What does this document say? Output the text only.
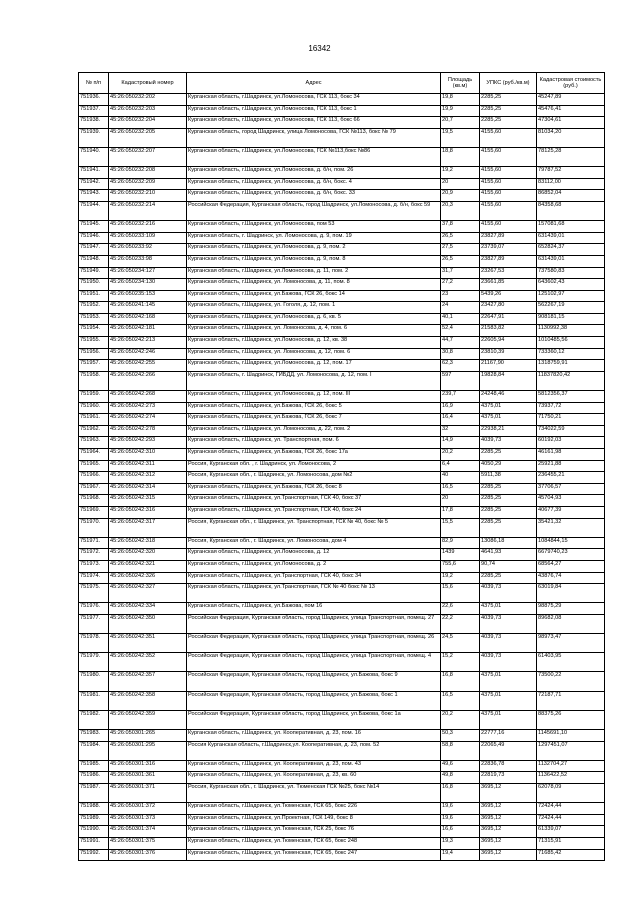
16342
№ п/п	Кадастровый номер	Адрес	Площадь (кв.м)	УПКС (руб./кв.м)	Кадастровая стоимость (руб.)
751936.	45:26:050232:202	Курганская область, г.Шадринск, ул.Ломоносова, ГСК 113, бокс 34	19,8	2285,25	45247,89
751937.	45:26:050232:203	Курганская область, г.Шадринск, ул.Ломоносова, ГСК 113, бокс 1	19,9	2285,25	45476,41
751938.	45:26:050232:204	Курганская область, г.Шадринск, ул.Ломоносова, ГСК 113, бокс 66	20,7	2285,25	47304,61
751939.	45:26:050232:205	Курганская область, город Шадринск, улица Ломоносова, ГСК №113, бокс № 79	19,5	4155,60	81034,20
751940.	45:26:050232:207	Курганская область, г.Шадринск, ул.Ломоносова, ГСК №113,бокс №86	18,8	4155,60	78125,28
751941.	45:26:050232:208	Курганская область, г.Шадринск, ул.Ломоносова, д. б/н, пом. 26	19,2	4155,60	79787,52
751942.	45:26:050232:209	Курганская область, г.Шадринск, ул.Ломоносова, д. б/н, бокс. 4	20	4155,60	83112,00
751943.	45:26:050232:210	Курганская область, г.Шадринск, ул.Ломоносова, д. б/н, бокс. 33	20,9	4155,60	86852,04
751944.	45:26:050232:214	Российская Федерация, Курганская область, город Шадринск, ул.Ломоносова, д. б/н, бокс 59	20,3	4155,60	84358,68
751945.	45:26:050232:216	Курганская область, г.Шадринск, ул.Ломоносова, пом 53	37,8	4155,60	157081,68
751946.	45:26:050233:109	Курганская область, г. Шадринск, ул. Ломоносова, д. 9, пом. 19	26,5	23827,89	631439,01
751947.	45:26:050233:92	Курганская область, г.Шадринск, ул.Ломоносова, д. 9, пом. 2	27,5	23739,07	652824,37
751948.	45:26:050233:98	Курганская область, г.Шадринск, ул.Ломоносова, д. 9, пом. 8	26,5	23827,89	631439,01
751949.	45:26:050234:127	Курганская область, г.Шадринск, ул.Ломоносова, д. 11, пом. 2	31,7	23267,53	737580,83
751950.	45:26:050234:130	Курганская область, г.Шадринск, ул. Ломоносова, д. 11, пом. 8	27,2	23661,85	643602,43
751951.	45:26:050235:153	Курганская область, г.Шадринск, ул.Бажова, ГСК 26, бокс 14	23	5439,26	125102,97
751952.	45:26:050241:145	Курганская область, г.Шадринск, ул. Гоголя, д. 12, пом. 1	24	23427,80	562267,19
751953.	45:26:050242:168	Курганская область, г.Шадринск, ул.Ломоносова, д. 6, кв. 5	40,1	22647,91	908181,15
751954.	45:26:050242:181	Курганская область, г.Шадринск, ул. Ломоносова, д. 4, пом. 6	52,4	21583,82	1130992,38
751955.	45:26:050242:213	Курганская область, г.Шадринск, ул.Ломоносова, д. 12, кв. 38	44,7	22605,94	1010485,56
751956.	45:26:050242:246	Курганская область, г.Шадринск, ул. Ломоносова, д. 12, пом. 6	30,8	23810,39	733360,12
751957.	45:26:050242:255	Курганская область, г.Шадринск, ул.Ломоносова, д. 12, пом. 17	62,3	21167,90	1318759,91
751958.	45:26:050242:266	Курганская область, г. Шадринск, ГИБДД, ул. Ломоносова, д. 12, пом. I	597	19828,84	11837820,42
751959.	45:26:050242:268	Курганская область, г.Шадринск, ул.Ломоносова, д. 12, пом. III	239,7	24248,46	5812356,37
751960.	45:26:050242:273	Курганская область, г.Шадринск, ул.Бажова, ГСК 26, бокс 5	16,9	4375,01	73937,72
751961.	45:26:050242:274	Курганская область, г.Шадринск, ул.Бажова, ГСК 26, бокс 7	16,4	4375,01	71750,21
751962.	45:26:050242:278	Курганская область, г.Шадринск, ул. Ломоносова, д. 22, пом. 2	32	22938,21	734022,59
751963.	45:26:050242:293	Курганская область, г.Шадринск, ул. Транспортная, пом. 6	14,9	4039,73	60192,03
751964.	45:26:050242:310	Курганская область, г.Шадринск, ул.Бажова, ГСК 26, бокс 17а	20,2	2285,25	46161,98
751965.	45:26:050242:311	Россия, Курганская обл. , г. Шадринск, ул. Ломоносова, 2	6,4	4050,29	25921,88
751966.	45:26:050242:312	Россия, Курганская обл., г. Шадринск, ул. Ломоносова, дом №2	40	5911,38	236455,21
751967.	45:26:050242:314	Курганская область, г.Шадринск, ул.Бажова, ГСК 26, бокс 8	16,5	2285,25	37706,57
751968.	45:26:050242:315	Курганская область, г.Шадринск, ул.Транспортная, ГСК 40, бокс 37	20	2285,25	45704,93
751969.	45:26:050242:316	Курганская область, г.Шадринск, ул.Транспортная, ГСК 40, бокс 24	17,8	2285,25	40677,39
751970.	45:26:050242:317	Россия, Курганская обл., г. Шадринск, ул. Транспортная, ГСК № 40, бокс № 5	15,5	2285,25	35421,32
751971.	45:26:050242:318	Россия, Курганская обл., г. Шадринск, ул. Ломоносова, дом 4	82,9	13086,18	1084844,15
751972.	45:26:050242:320	Курганская область, г.Шадринск, ул.Ломоносова, д. 12	1439	4641,93	6679740,23
751973.	45:26:050242:321	Курганская область, г.Шадринск, ул.Ломоносова, д. 2	755,6	90,74	68564,27
751974.	45:26:050242:326	Курганская область, г.Шадринск, ул.Транспортная, ГСК 40, бокс 34	19,2	2285,25	43876,74
751975.	45:26:050242:327	Курганская область, г.Шадринск, ул.Транспортная, ГСК № 40 бокс № 13	15,6	4039,73	63019,84
751976.	45:26:050242:334	Курганская область, г.Шадринск, ул.Бажова, пом 16	22,6	4375,01	98875,29
751977.	45:26:050242:350	Российская Федерация, Курганская область, город Шадринск, улица Транспортная, помещ. 27	22,2	4039,73	89682,08
751978.	45:26:050242:351	Российская Федерация, Курганская область, город Шадринск, улица Транспортная, помещ. 26	24,5	4039,73	98973,47
751979.	45:26:050242:352	Российская Федерация, Курганская область, город Шадринск, улица Транспортная, помещ. 4	15,2	4039,73	61403,95
751980.	45:26:050242:357	Российская Федерация, Курганская область, город Шадринск, ул.Бажова, бокс 9	16,8	4375,01	73500,22
751981.	45:26:050242:358	Российская Федерация, Курганская область, город Шадринск, ул.Бажова, бокс 1	16,5	4375,01	72187,71
751982.	45:26:050242:359	Российская Федерация, Курганская область, город Шадринск, ул.Бажова, бокс 1а	20,2	4375,01	88375,26
751983.	45:26:050301:265	Курганская область, г.Шадринск, ул. Кооперативная, д. 23, пом. 16	50,3	22777,16	1145691,10
751984.	45:26:050301:295	Россия Курганская область, г.Шадринск,ул. Кооперативная, д. 23, пом. 52	58,8	22065,49	1297451,07
751985.	45:26:050301:316	Курганская область, г.Шадринск, ул. Кооперативная, д. 23, пом. 43	49,6	22836,78	1132704,27
751986.	45:26:050301:361	Курганская область, г.Шадринск, ул. Кооперативная, д. 23, кв. 60	49,8	22819,73	1136422,52
751987.	45:26:050301:371	Россия, Курганская обл., г. Шадринск, ул. Тюменская ГСК №25, бокс №14	16,8	3695,12	62078,09
751988.	45:26:050301:372	Курганская область, г.Шадринск, ул.Тюменская, ГСК 65, бокс 226	19,6	3695,12	72424,44
751989.	45:26:050301:373	Курганская область, г.Шадринск, ул.Проектная, ГСК 149, бокс 8	19,6	3695,12	72424,44
751990.	45:26:050301:374	Курганская область, г.Шадринск, ул.Тюменская, ГСК 25, бокс 76	16,6	3695,12	61339,07
751991.	45:26:050301:375	Курганская область, г.Шадринск, ул.Тюменская, ГСК 65, бокс 248	19,3	3695,12	71315,91
751992.	45:26:050301:376	Курганская область, г.Шадринск, ул.Тюменская, ГСК 65, бокс 247	19,4	3695,12	71685,42
